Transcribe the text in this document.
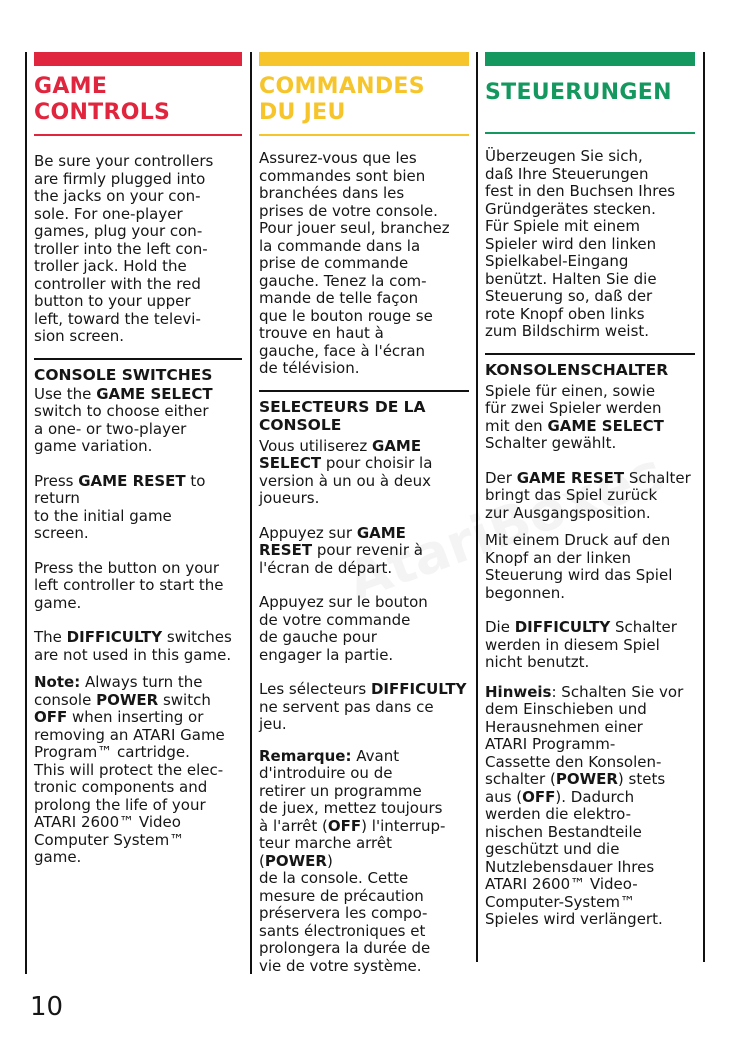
GAME
CONTROLS

Be sure your controllers
are firmly plugged into
the jacks on your con-
sole. For one-player
games, plug your con-
troller into the left con-
troller jack. Hold the
controller with the red
button to your upper
left, toward the televi-
sion screen.

CONSOLE SWITCHES

Use the GAME SELECT
switch to choose either
a one- or two-player
game variation.

Press GAME RESET to return
to the initial game
screen.

Press the button on your
left controller to start the
game.

The DIFFICULTY switches
are not used in this game.

Note: Always turn the
console POWER switch
OFF when inserting or
removing an ATARI Game
Program™ cartridge.
This will protect the elec-
tronic components and
prolong the life of your
ATARI 2600™ Video
Computer System™
game.

COMMANDES
DU JEU

Assurez-vous que les
commandes sont bien
branchées dans les
prises de votre console.
Pour jouer seul, branchez
la commande dans la
prise de commande
gauche. Tenez la com-
mande de telle façon
que le bouton rouge se
trouve en haut à
gauche, face à l'écran
de télévision.

SELECTEURS DE LA
CONSOLE

Vous utiliserez GAME
SELECT pour choisir la
version à un ou à deux
joueurs.

Appuyez sur GAME
RESET pour revenir à
l'écran de départ.

Appuyez sur le bouton
de votre commande
de gauche pour
engager la partie.

Les sélecteurs DIFFICULTY
ne servent pas dans ce
jeu.

Remarque: Avant
d'introduire ou de
retirer un programme
de juex, mettez toujours
à l'arrêt (OFF) l'interrup-
teur marche arrêt (POWER)
de la console. Cette
mesure de précaution
préservera les compo-
sants électroniques et
prolongera la durée de
vie de votre système.

STEUERUNGEN

Überzeugen Sie sich,
daß Ihre Steuerungen
fest in den Buchsen Ihres
Gründgerätes stecken.
Für Spiele mit einem
Spieler wird den linken
Spielkabel-Eingang
benützt. Halten Sie die
Steuerung so, daß der
rote Knopf oben links
zum Bildschirm weist.

KONSOLENSCHALTER

Spiele für einen, sowie
für zwei Spieler werden
mit den GAME SELECT
Schalter gewählt.

Der GAME RESET Schalter
bringt das Spiel zurück
zur Ausgangsposition.

Mit einem Druck auf den
Knopf an der linken
Steuerung wird das Spiel
begonnen.

Die DIFFICULTY Schalter
werden in diesem Spiel
nicht benutzt.

Hinweis: Schalten Sie vor
dem Einschieben und
Herausnehmen einer
ATARI Programm-
Cassette den Konsolen-
schalter (POWER) stets
aus (OFF). Dadurch
werden die elektro-
nischen Bestandteile
geschützt und die
Nutzlebensdauer Ihres
ATARI 2600™ Video-
Computer-System™
Spieles wird verlängert.

10
